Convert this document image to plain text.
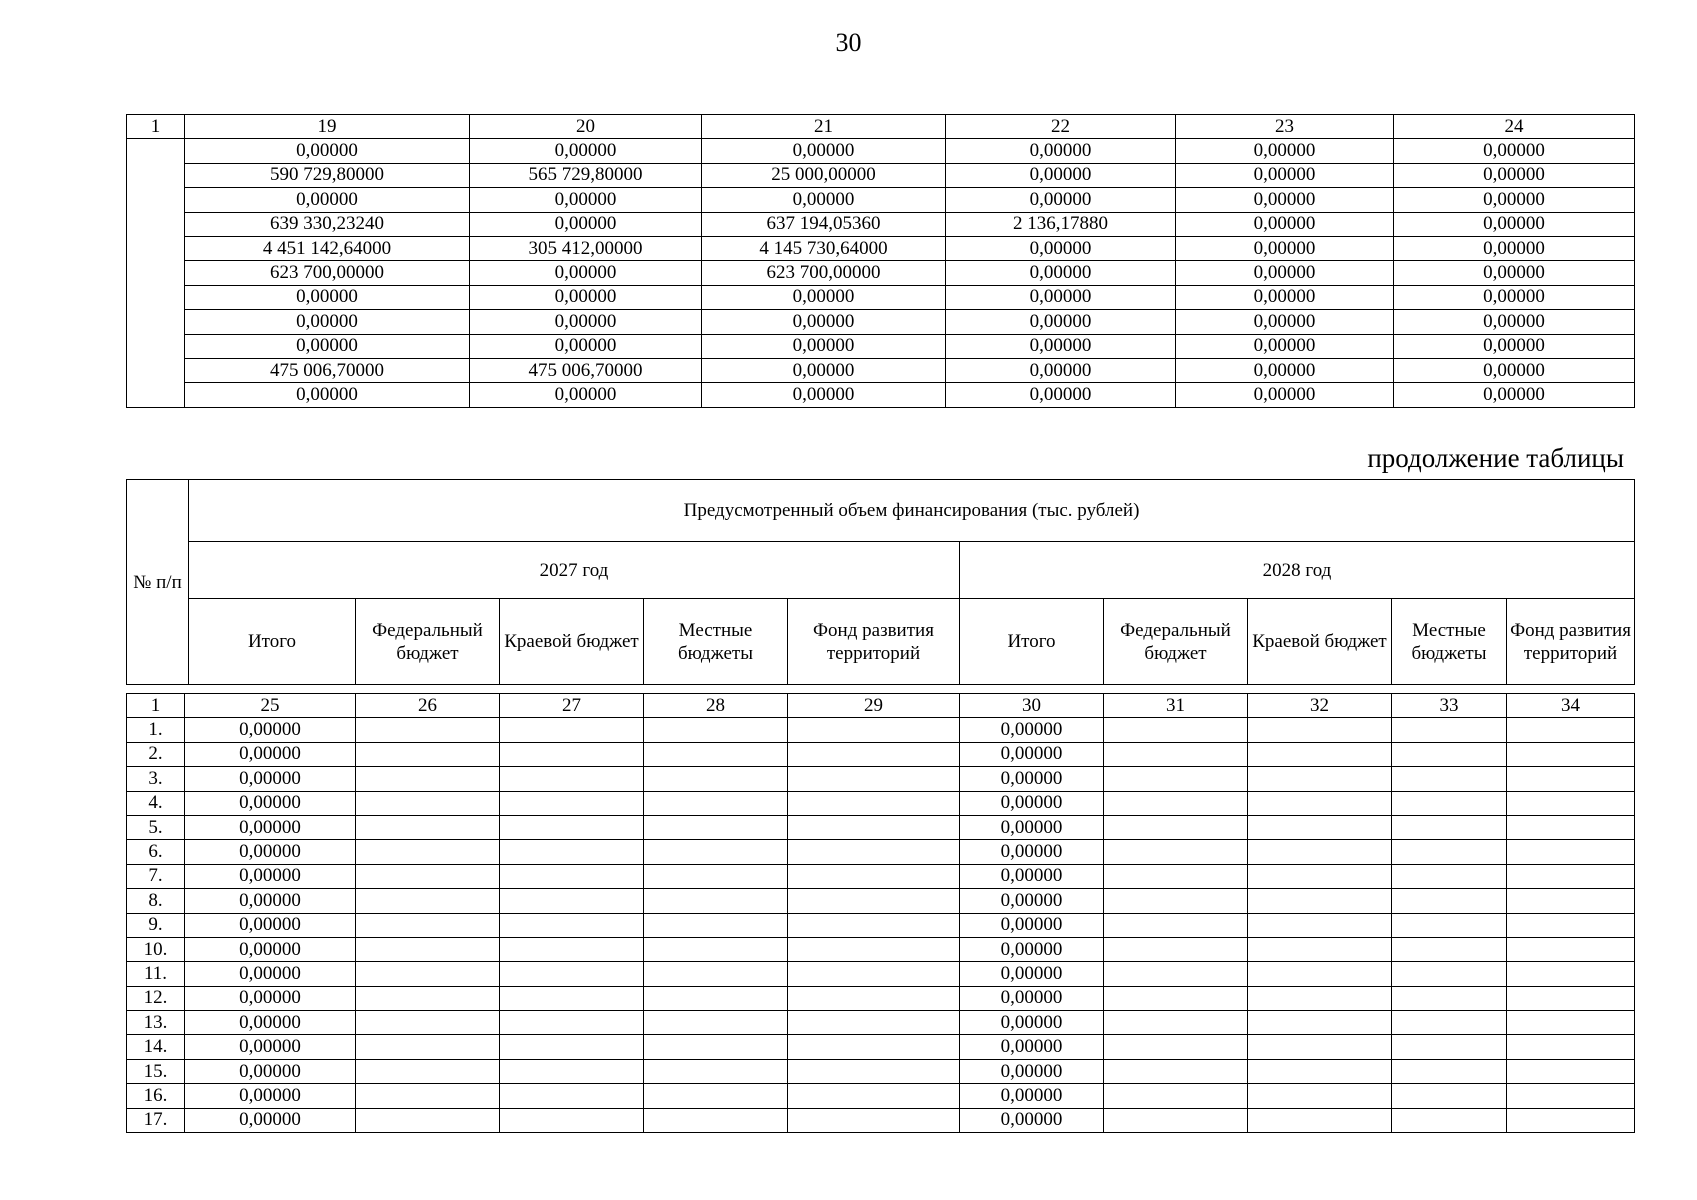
30
1	19	20	21	22	23	24
	0,00000	0,00000	0,00000	0,00000	0,00000	0,00000
	590 729,80000	565 729,80000	25 000,00000	0,00000	0,00000	0,00000
	0,00000	0,00000	0,00000	0,00000	0,00000	0,00000
	639 330,23240	0,00000	637 194,05360	2 136,17880	0,00000	0,00000
	4 451 142,64000	305 412,00000	4 145 730,64000	0,00000	0,00000	0,00000
	623 700,00000	0,00000	623 700,00000	0,00000	0,00000	0,00000
	0,00000	0,00000	0,00000	0,00000	0,00000	0,00000
	0,00000	0,00000	0,00000	0,00000	0,00000	0,00000
	0,00000	0,00000	0,00000	0,00000	0,00000	0,00000
	475 006,70000	475 006,70000	0,00000	0,00000	0,00000	0,00000
	0,00000	0,00000	0,00000	0,00000	0,00000	0,00000
продолжение таблицы
№ п/п	Предусмотренный объем финансирования (тыс. рублей)									
	2027 год					2028 год				
	Итого	Федеральный бюджет	Краевой бюджет	Местные бюджеты	Фонд развития территорий	Итого	Федеральный бюджет	Краевой бюджет	Местные бюджеты	Фонд развития территорий
1	25	26	27	28	29	30	31	32	33	34
1.	0,00000					0,00000				
2.	0,00000					0,00000				
3.	0,00000					0,00000				
4.	0,00000					0,00000				
5.	0,00000					0,00000				
6.	0,00000					0,00000				
7.	0,00000					0,00000				
8.	0,00000					0,00000				
9.	0,00000					0,00000				
10.	0,00000					0,00000				
11.	0,00000					0,00000				
12.	0,00000					0,00000				
13.	0,00000					0,00000				
14.	0,00000					0,00000				
15.	0,00000					0,00000				
16.	0,00000					0,00000				
17.	0,00000					0,00000				
